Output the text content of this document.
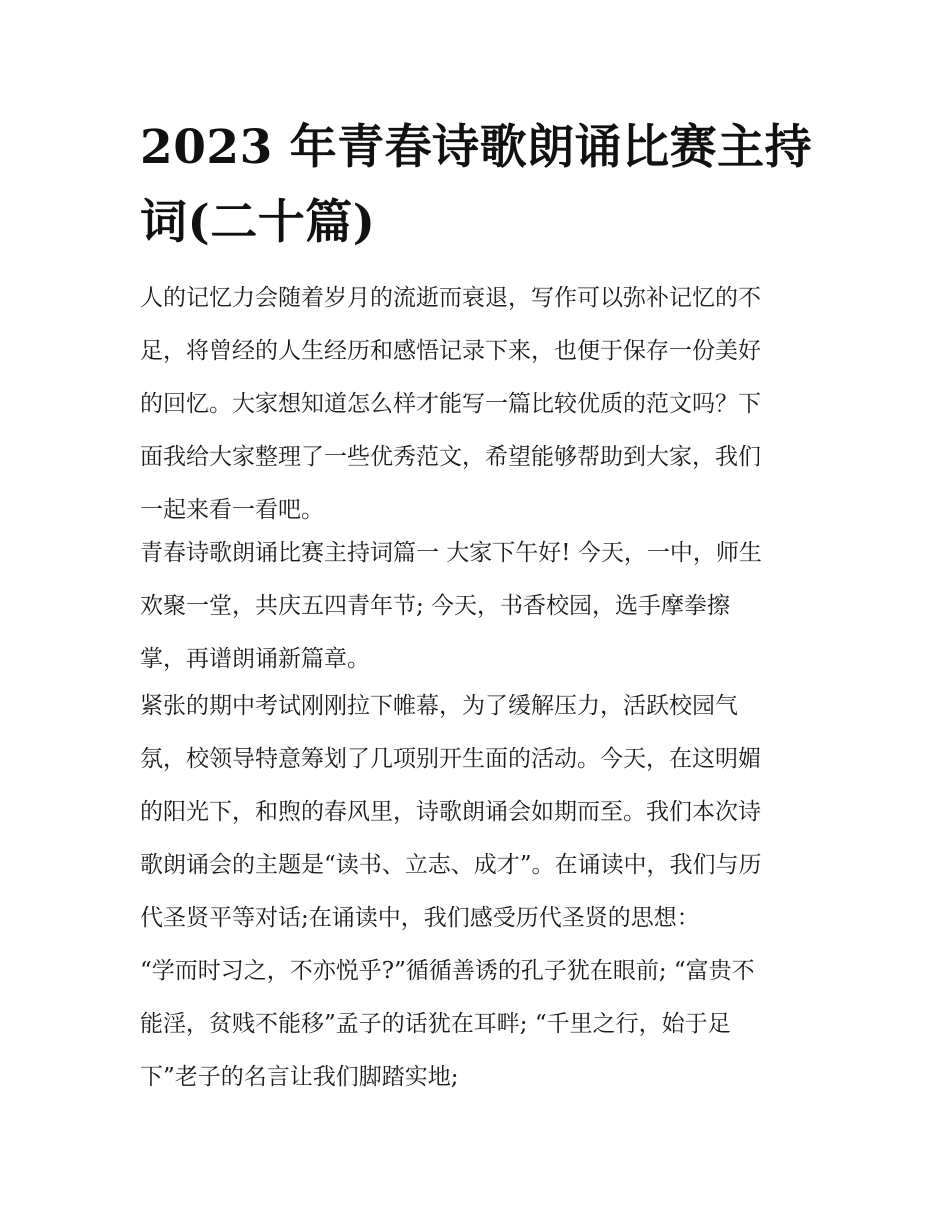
2023 年青春诗歌朗诵比赛主持
词(二十篇)

人的记忆力会随着岁月的流逝而衰退，写作可以弥补记忆的不
足，将曾经的人生经历和感悟记录下来，也便于保存一份美好
的回忆。大家想知道怎么样才能写一篇比较优质的范文吗？下
面我给大家整理了一些优秀范文，希望能够帮助到大家，我们
一起来看一看吧。

青春诗歌朗诵比赛主持词篇一 大家下午好! 今天，一中，师生
欢聚一堂，共庆五四青年节; 今天，书香校园，选手摩拳擦
掌，再谱朗诵新篇章。

紧张的期中考试刚刚拉下帷幕，为了缓解压力，活跃校园气
氛，校领导特意筹划了几项别开生面的活动。今天，在这明媚
的阳光下，和煦的春风里，诗歌朗诵会如期而至。我们本次诗
歌朗诵会的主题是“读书、立志、成才”。在诵读中，我们与历
代圣贤平等对话;在诵读中，我们感受历代圣贤的思想：
“学而时习之，不亦悦乎?”循循善诱的孔子犹在眼前; “富贵不
能淫，贫贱不能移”孟子的话犹在耳畔; “千里之行，始于足
下”老子的名言让我们脚踏实地;
